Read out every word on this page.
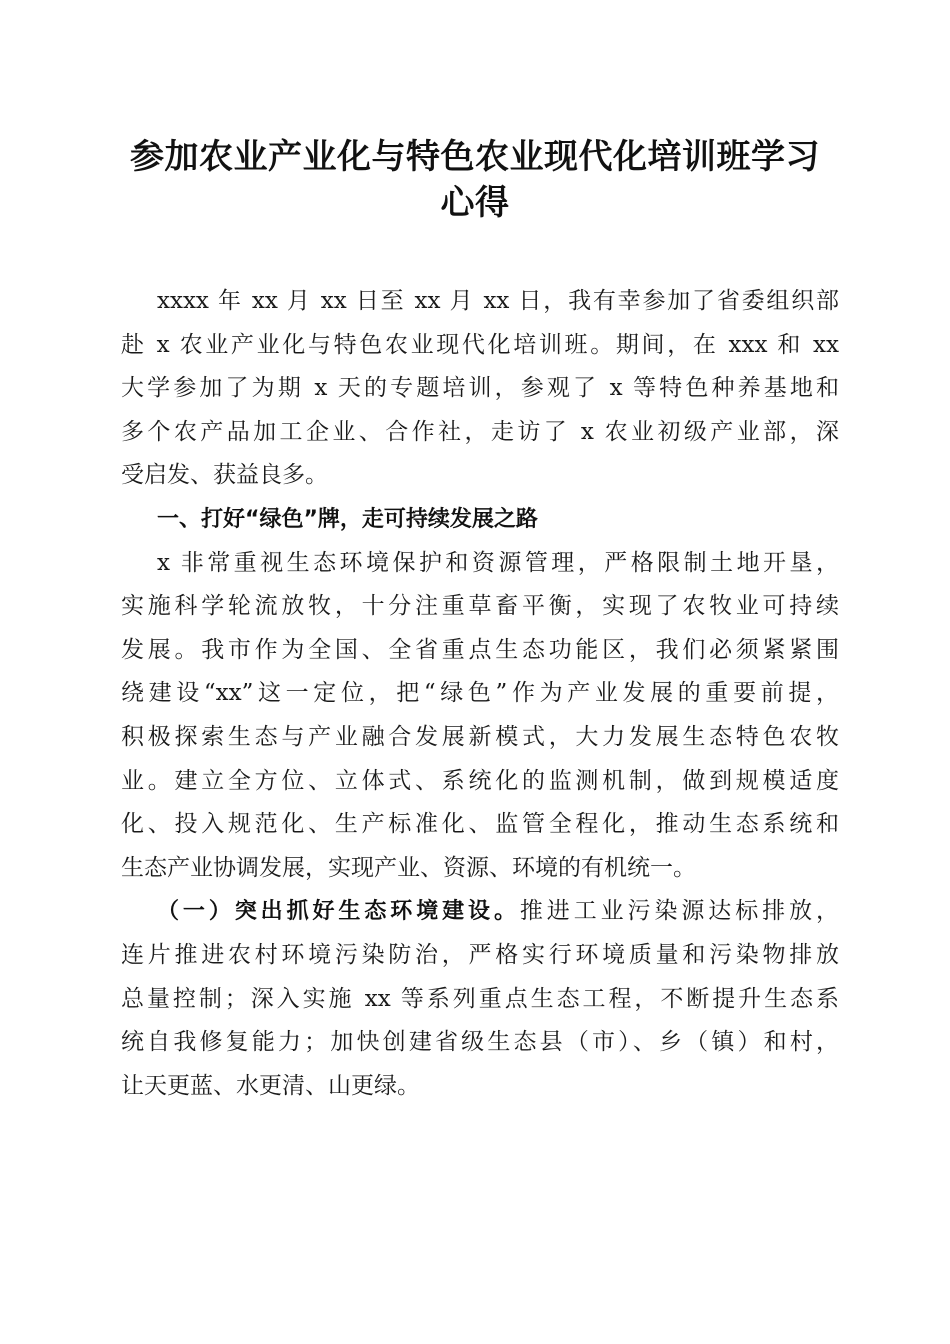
参加农业产业化与特色农业现代化培训班学习
心得
xxxx 年 xx 月 xx 日至 xx 月 xx 日，我有幸参加了省委组织部
赴 x 农业产业化与特色农业现代化培训班。期间，在 xxx 和 xx
大学参加了为期 x 天的专题培训，参观了 x 等特色种养基地和
多个农产品加工企业、合作社，走访了 x 农业初级产业部，深
受启发、获益良多。
一、打好“绿色”牌，走可持续发展之路
x 非常重视生态环境保护和资源管理，严格限制土地开垦，
实施科学轮流放牧，十分注重草畜平衡，实现了农牧业可持续
发展。我市作为全国、全省重点生态功能区，我们必须紧紧围
绕建设“xx”这一定位，把“绿色”作为产业发展的重要前提，
积极探索生态与产业融合发展新模式，大力发展生态特色农牧
业。建立全方位、立体式、系统化的监测机制，做到规模适度
化、投入规范化、生产标准化、监管全程化，推动生态系统和
生态产业协调发展，实现产业、资源、环境的有机统一。
（一）突出抓好生态环境建设。推进工业污染源达标排放，
连片推进农村环境污染防治，严格实行环境质量和污染物排放
总量控制；深入实施 xx 等系列重点生态工程，不断提升生态系
统自我修复能力；加快创建省级生态县（市）、乡（镇）和村，
让天更蓝、水更清、山更绿。
